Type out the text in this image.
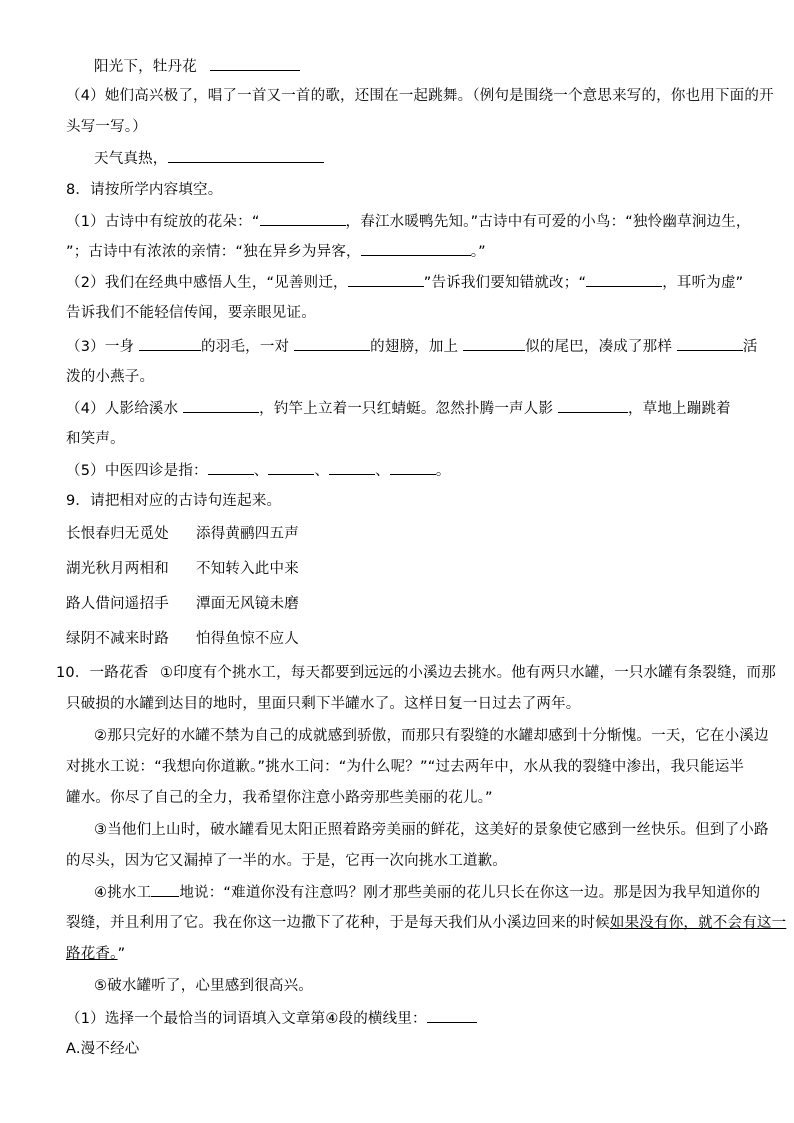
阳光下，牡丹花
（4）她们高兴极了，唱了一首又一首的歌，还围在一起跳舞。（例句是围绕一个意思来写的，你也用下面的开
头写一写。）
天气真热，
8．请按所学内容填空。
（1）古诗中有绽放的花朵：“	，春江水暖鸭先知。”古诗中有可爱的小鸟：“独怜幽草涧边生，
”；古诗中有浓浓的亲情：“独在异乡为异客，	。”
（2）我们在经典中感悟人生，“见善则迁，	”告诉我们要知错就改；“	，耳听为虚”
告诉我们不能轻信传闻，要亲眼见证。
（3）一身	的羽毛，一对	的翅膀，加上	似的尾巴，凑成了那样	活
泼的小燕子。
（4）人影给溪水	，钓竿上立着一只红蜻蜓。忽然扑腾一声人影	，草地上蹦跳着
和笑声。
（5）中医四诊是指：	、	、	、	。
9．请把相对应的古诗句连起来。
长恨春归无觅处 添得黄鹂四五声
湖光秋月两相和 不知转入此中来
路人借问遥招手 潭面无风镜未磨
绿阴不减来时路 怕得鱼惊不应人
10．一路花香 ①印度有个挑水工，每天都要到远远的小溪边去挑水。他有两只水罐，一只水罐有条裂缝，而那
只破损的水罐到达目的地时，里面只剩下半罐水了。这样日复一日过去了两年。
②那只完好的水罐不禁为自己的成就感到骄傲，而那只有裂缝的水罐却感到十分惭愧。一天，它在小溪边
对挑水工说：“我想向你道歉。”挑水工问：“为什么呢？”“过去两年中，水从我的裂缝中渗出，我只能运半
罐水。你尽了自己的全力，我希望你注意小路旁那些美丽的花儿。”
③当他们上山时，破水罐看见太阳正照着路旁美丽的鲜花，这美好的景象使它感到一丝快乐。但到了小路
的尽头，因为它又漏掉了一半的水。于是，它再一次向挑水工道歉。
④挑水工 地说：“难道你没有注意吗？刚才那些美丽的花儿只长在你这一边。那是因为我早知道你的
裂缝，并且利用了它。我在你这一边撒下了花种，于是每天我们从小溪边回来的时候如果没有你，就不会有这一
路花香。”
⑤破水罐听了，心里感到很高兴。
（1）选择一个最恰当的词语填入文章第④段的横线里：
A.漫不经心
